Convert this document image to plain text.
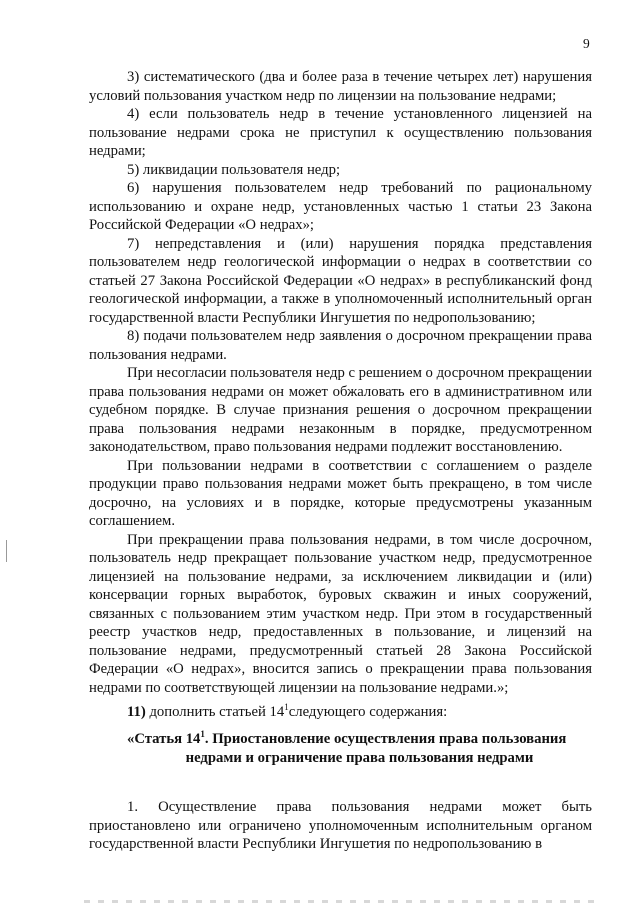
9

3) систематического (два и более раза в течение четырех лет) нарушения условий пользования участком недр по лицензии на пользование недрами;

4) если пользователь недр в течение установленного лицензией на пользование недрами срока не приступил к осуществлению пользования недрами;

5) ликвидации пользователя недр;

6) нарушения пользователем недр требований по рациональному использованию и охране недр, установленных частью 1 статьи 23 Закона Российской Федерации «О недрах»;

7) непредставления и (или) нарушения порядка представления пользователем недр геологической информации о недрах в соответствии со статьей 27 Закона Российской Федерации «О недрах» в республиканский фонд геологической информации, а также в уполномоченный исполнительный орган государственной власти Республики Ингушетия по недропользованию;

8) подачи пользователем недр заявления о досрочном прекращении права пользования недрами.

При несогласии пользователя недр с решением о досрочном прекращении права пользования недрами он может обжаловать его в административном или судебном порядке. В случае признания решения о досрочном прекращении права пользования недрами незаконным в порядке, предусмотренном законодательством, право пользования недрами подлежит восстановлению.

При пользовании недрами в соответствии с соглашением о разделе продукции право пользования недрами может быть прекращено, в том числе досрочно, на условиях и в порядке, которые предусмотрены указанным соглашением.

При прекращении права пользования недрами, в том числе досрочном, пользователь недр прекращает пользование участком недр, предусмотренное лицензией на пользование недрами, за исключением ликвидации и (или) консервации горных выработок, буровых скважин и иных сооружений, связанных с пользованием этим участком недр. При этом в государственный реестр участков недр, предоставленных в пользование, и лицензий на пользование недрами, предусмотренный статьей 28 Закона Российской Федерации «О недрах», вносится запись о прекращении права пользования недрами по соответствующей лицензии на пользование недрами.»;

11) дополнить статьей $14^1следующего$ содержания:

«Статья $14^1$. Приостановление осуществления права пользования
недрами и ограничение права пользования недрами

1. Осуществление права пользования недрами может быть приостановлено или ограничено уполномоченным исполнительным органом государственной власти Республики Ингушетия по недропользованию в
